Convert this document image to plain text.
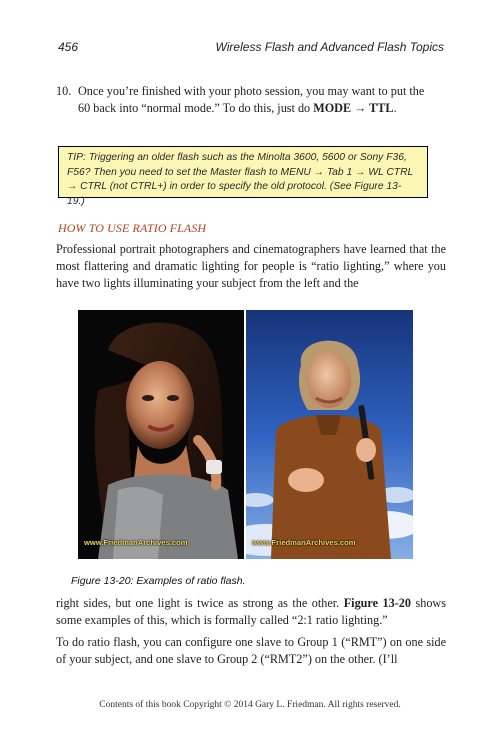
456	Wireless Flash and Advanced Flash Topics
10. Once you’re finished with your photo session, you may want to put the
60 back into “normal mode.” To do this, just do MODE → TTL.
TIP: Triggering an older flash such as the Minolta 3600, 5600 or Sony F36, F56? Then you need to set the Master flash to MENU → Tab 1 → WL CTRL → CTRL (not CTRL+) in order to specify the old protocol. (See Figure 13-19.)
HOW TO USE RATIO FLASH
Professional portrait photographers and cinematographers have learned that the most flattering and dramatic lighting for people is “ratio lighting,” where you have two lights illuminating your subject from the left and the
www.FriedmanArchives.com	www.FriedmanArchives.com
Figure 13-20: Examples of ratio flash.
right sides, but one light is twice as strong as the other. Figure 13-20 shows some examples of this, which is formally called “2:1 ratio lighting.”
To do ratio flash, you can configure one slave to Group 1 (“RMT”) on one side of your subject, and one slave to Group 2 (“RMT2”) on the other. (I’ll
Contents of this book Copyright © 2014 Gary L. Friedman. All rights reserved.
